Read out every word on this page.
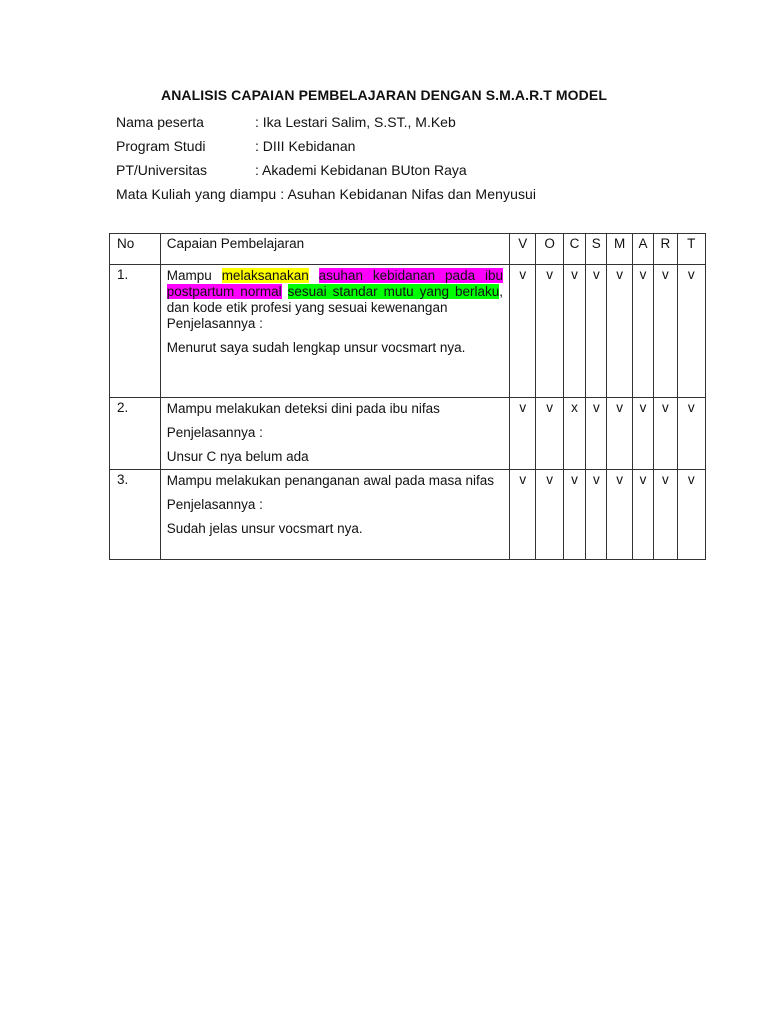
ANALISIS CAPAIAN PEMBELAJARAN DENGAN S.M.A.R.T MODEL
Nama peserta	: Ika Lestari Salim, S.ST., M.Keb
Program Studi	: DIII Kebidanan
PT/Universitas	: Akademi Kebidanan BUton Raya
Mata Kuliah yang diampu : Asuhan Kebidanan Nifas dan Menyusui
No	Capaian Pembelajaran	V	O	C	S	M	A	R	T
1.	Mampu melaksanakan asuhan kebidanan pada ibu postpartum normal sesuai standar mutu yang berlaku, dan kode etik profesi yang sesuai kewenangan
Penjelasannya :
Menurut saya sudah lengkap unsur vocsmart nya.	v	v	v	v	v	v	v	v
2.	Mampu melakukan deteksi dini pada ibu nifas
Penjelasannya :
Unsur C nya belum ada	v	v	x	v	v	v	v	v
3.	Mampu melakukan penanganan awal pada masa nifas
Penjelasannya :
Sudah jelas unsur vocsmart nya.	v	v	v	v	v	v	v	v
